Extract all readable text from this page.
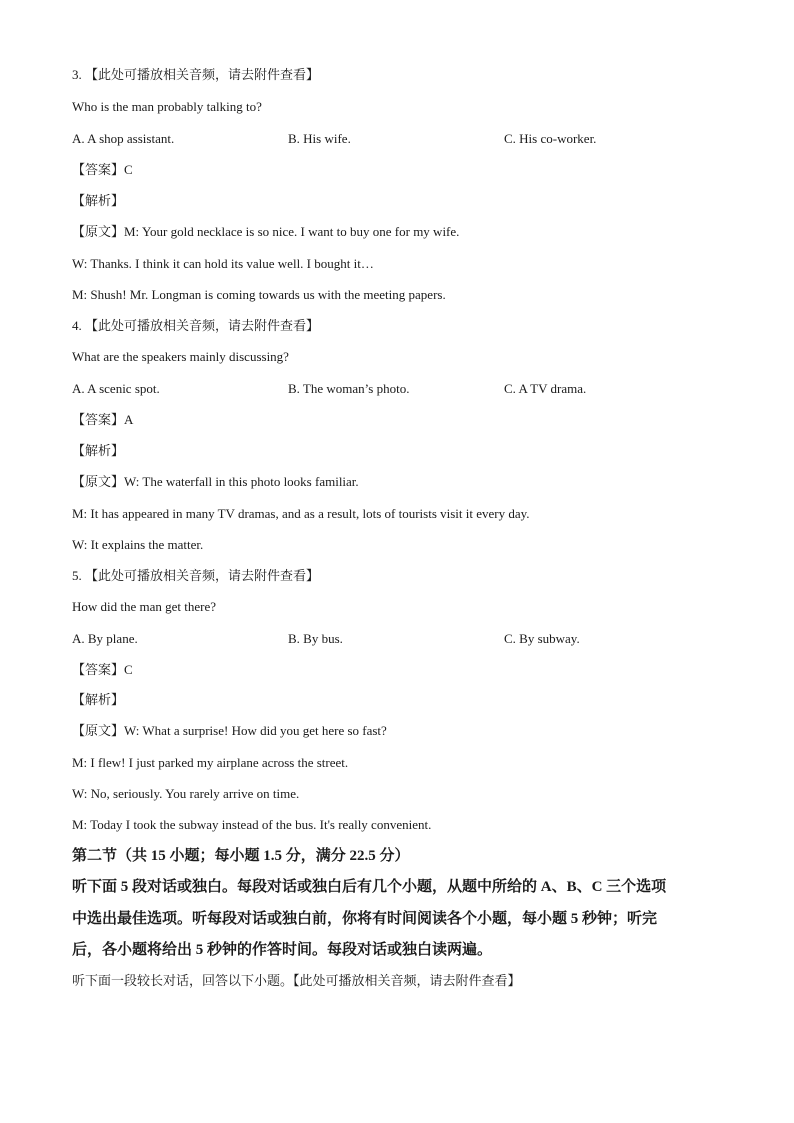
3. 【此处可播放相关音频，请去附件查看】
Who is the man probably talking to?
A. A shop assistant.	B. His wife.	C. His co-worker.
【答案】C
【解析】
【原文】M: Your gold necklace is so nice. I want to buy one for my wife.
W: Thanks. I think it can hold its value well. I bought it…
M: Shush! Mr. Longman is coming towards us with the meeting papers.
4. 【此处可播放相关音频，请去附件查看】
What are the speakers mainly discussing?
A. A scenic spot.	B. The woman’s photo.	C. A TV drama.
【答案】A
【解析】
【原文】W: The waterfall in this photo looks familiar.
M: It has appeared in many TV dramas, and as a result, lots of tourists visit it every day.
W: It explains the matter.
5. 【此处可播放相关音频，请去附件查看】
How did the man get there?
A. By plane.	B. By bus.	C. By subway.
【答案】C
【解析】
【原文】W: What a surprise! How did you get here so fast?
M: I flew! I just parked my airplane across the street.
W: No, seriously. You rarely arrive on time.
M: Today I took the subway instead of the bus. It's really convenient.
第二节（共 15 小题；每小题 1.5 分，满分 22.5 分）
听下面 5 段对话或独白。每段对话或独白后有几个小题，从题中所给的 A、B、C 三个选项
中选出最佳选项。听每段对话或独白前，你将有时间阅读各个小题，每小题 5 秒钟；听完
后，各小题将给出 5 秒钟的作答时间。每段对话或独白读两遍。
听下面一段较长对话，回答以下小题。【此处可播放相关音频，请去附件查看】
